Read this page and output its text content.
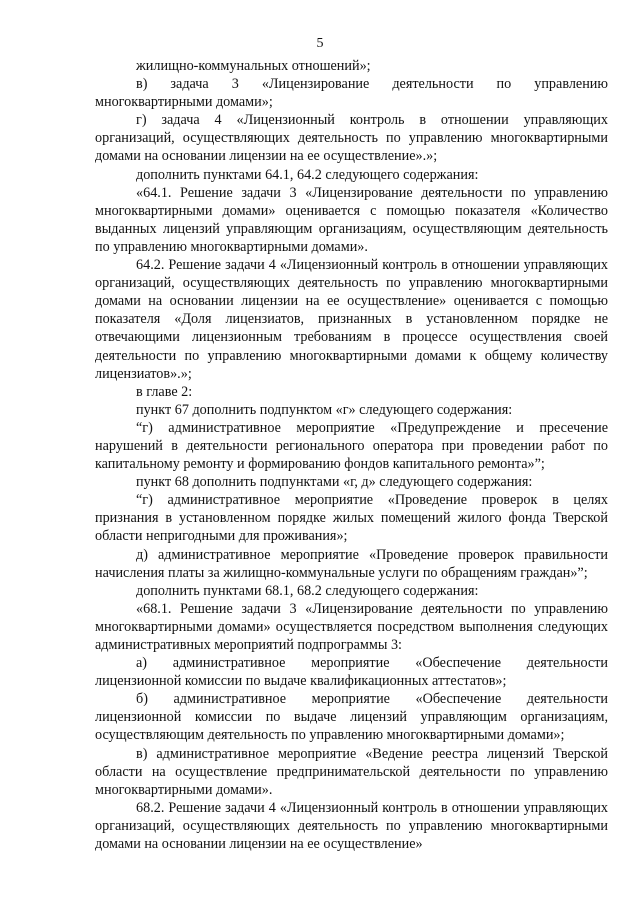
5

жилищно-коммунальных отношений»;

в) задача 3 «Лицензирование деятельности по управлению многоквартирными домами»;

г) задача 4 «Лицензионный контроль в отношении управляющих организаций, осуществляющих деятельность по управлению многоквартирными домами на основании лицензии на ее осуществление».»;

дополнить пунктами 64.1, 64.2 следующего содержания:

«64.1. Решение задачи 3 «Лицензирование деятельности по управлению многоквартирными домами» оценивается с помощью показателя «Количество выданных лицензий управляющим организациям, осуществляющим деятельность по управлению многоквартирными домами».

64.2. Решение задачи 4 «Лицензионный контроль в отношении управляющих организаций, осуществляющих деятельность по управлению многоквартирными домами на основании лицензии на ее осуществление» оценивается с помощью показателя «Доля лицензиатов, признанных в установленном порядке не отвечающими лицензионным требованиям в процессе осуществления своей деятельности по управлению многоквартирными домами к общему количеству лицензиатов».»;

в главе 2:

пункт 67 дополнить подпунктом «г» следующего содержания:

“г) административное мероприятие «Предупреждение и пресечение нарушений в деятельности регионального оператора при проведении работ по капитальному ремонту и формированию фондов капитального ремонта»”;

пункт 68 дополнить подпунктами «г, д» следующего содержания:

“г) административное мероприятие «Проведение проверок в целях признания в установленном порядке жилых помещений жилого фонда Тверской области непригодными для проживания»;

д) административное мероприятие «Проведение проверок правильности начисления платы за жилищно-коммунальные услуги по обращениям граждан»”;

дополнить пунктами 68.1, 68.2 следующего содержания:

«68.1. Решение задачи 3 «Лицензирование деятельности по управлению многоквартирными домами» осуществляется посредством выполнения следующих административных мероприятий подпрограммы 3:

а) административное мероприятие «Обеспечение деятельности лицензионной комиссии по выдаче квалификационных аттестатов»;

б) административное мероприятие «Обеспечение деятельности лицензионной комиссии по выдаче лицензий управляющим организациям, осуществляющим деятельность по управлению многоквартирными домами»;

в) административное мероприятие «Ведение реестра лицензий Тверской области на осуществление предпринимательской деятельности по управлению многоквартирными домами».

68.2. Решение задачи 4 «Лицензионный контроль в отношении управляющих организаций, осуществляющих деятельность по управлению многоквартирными домами на основании лицензии на ее осуществление»
